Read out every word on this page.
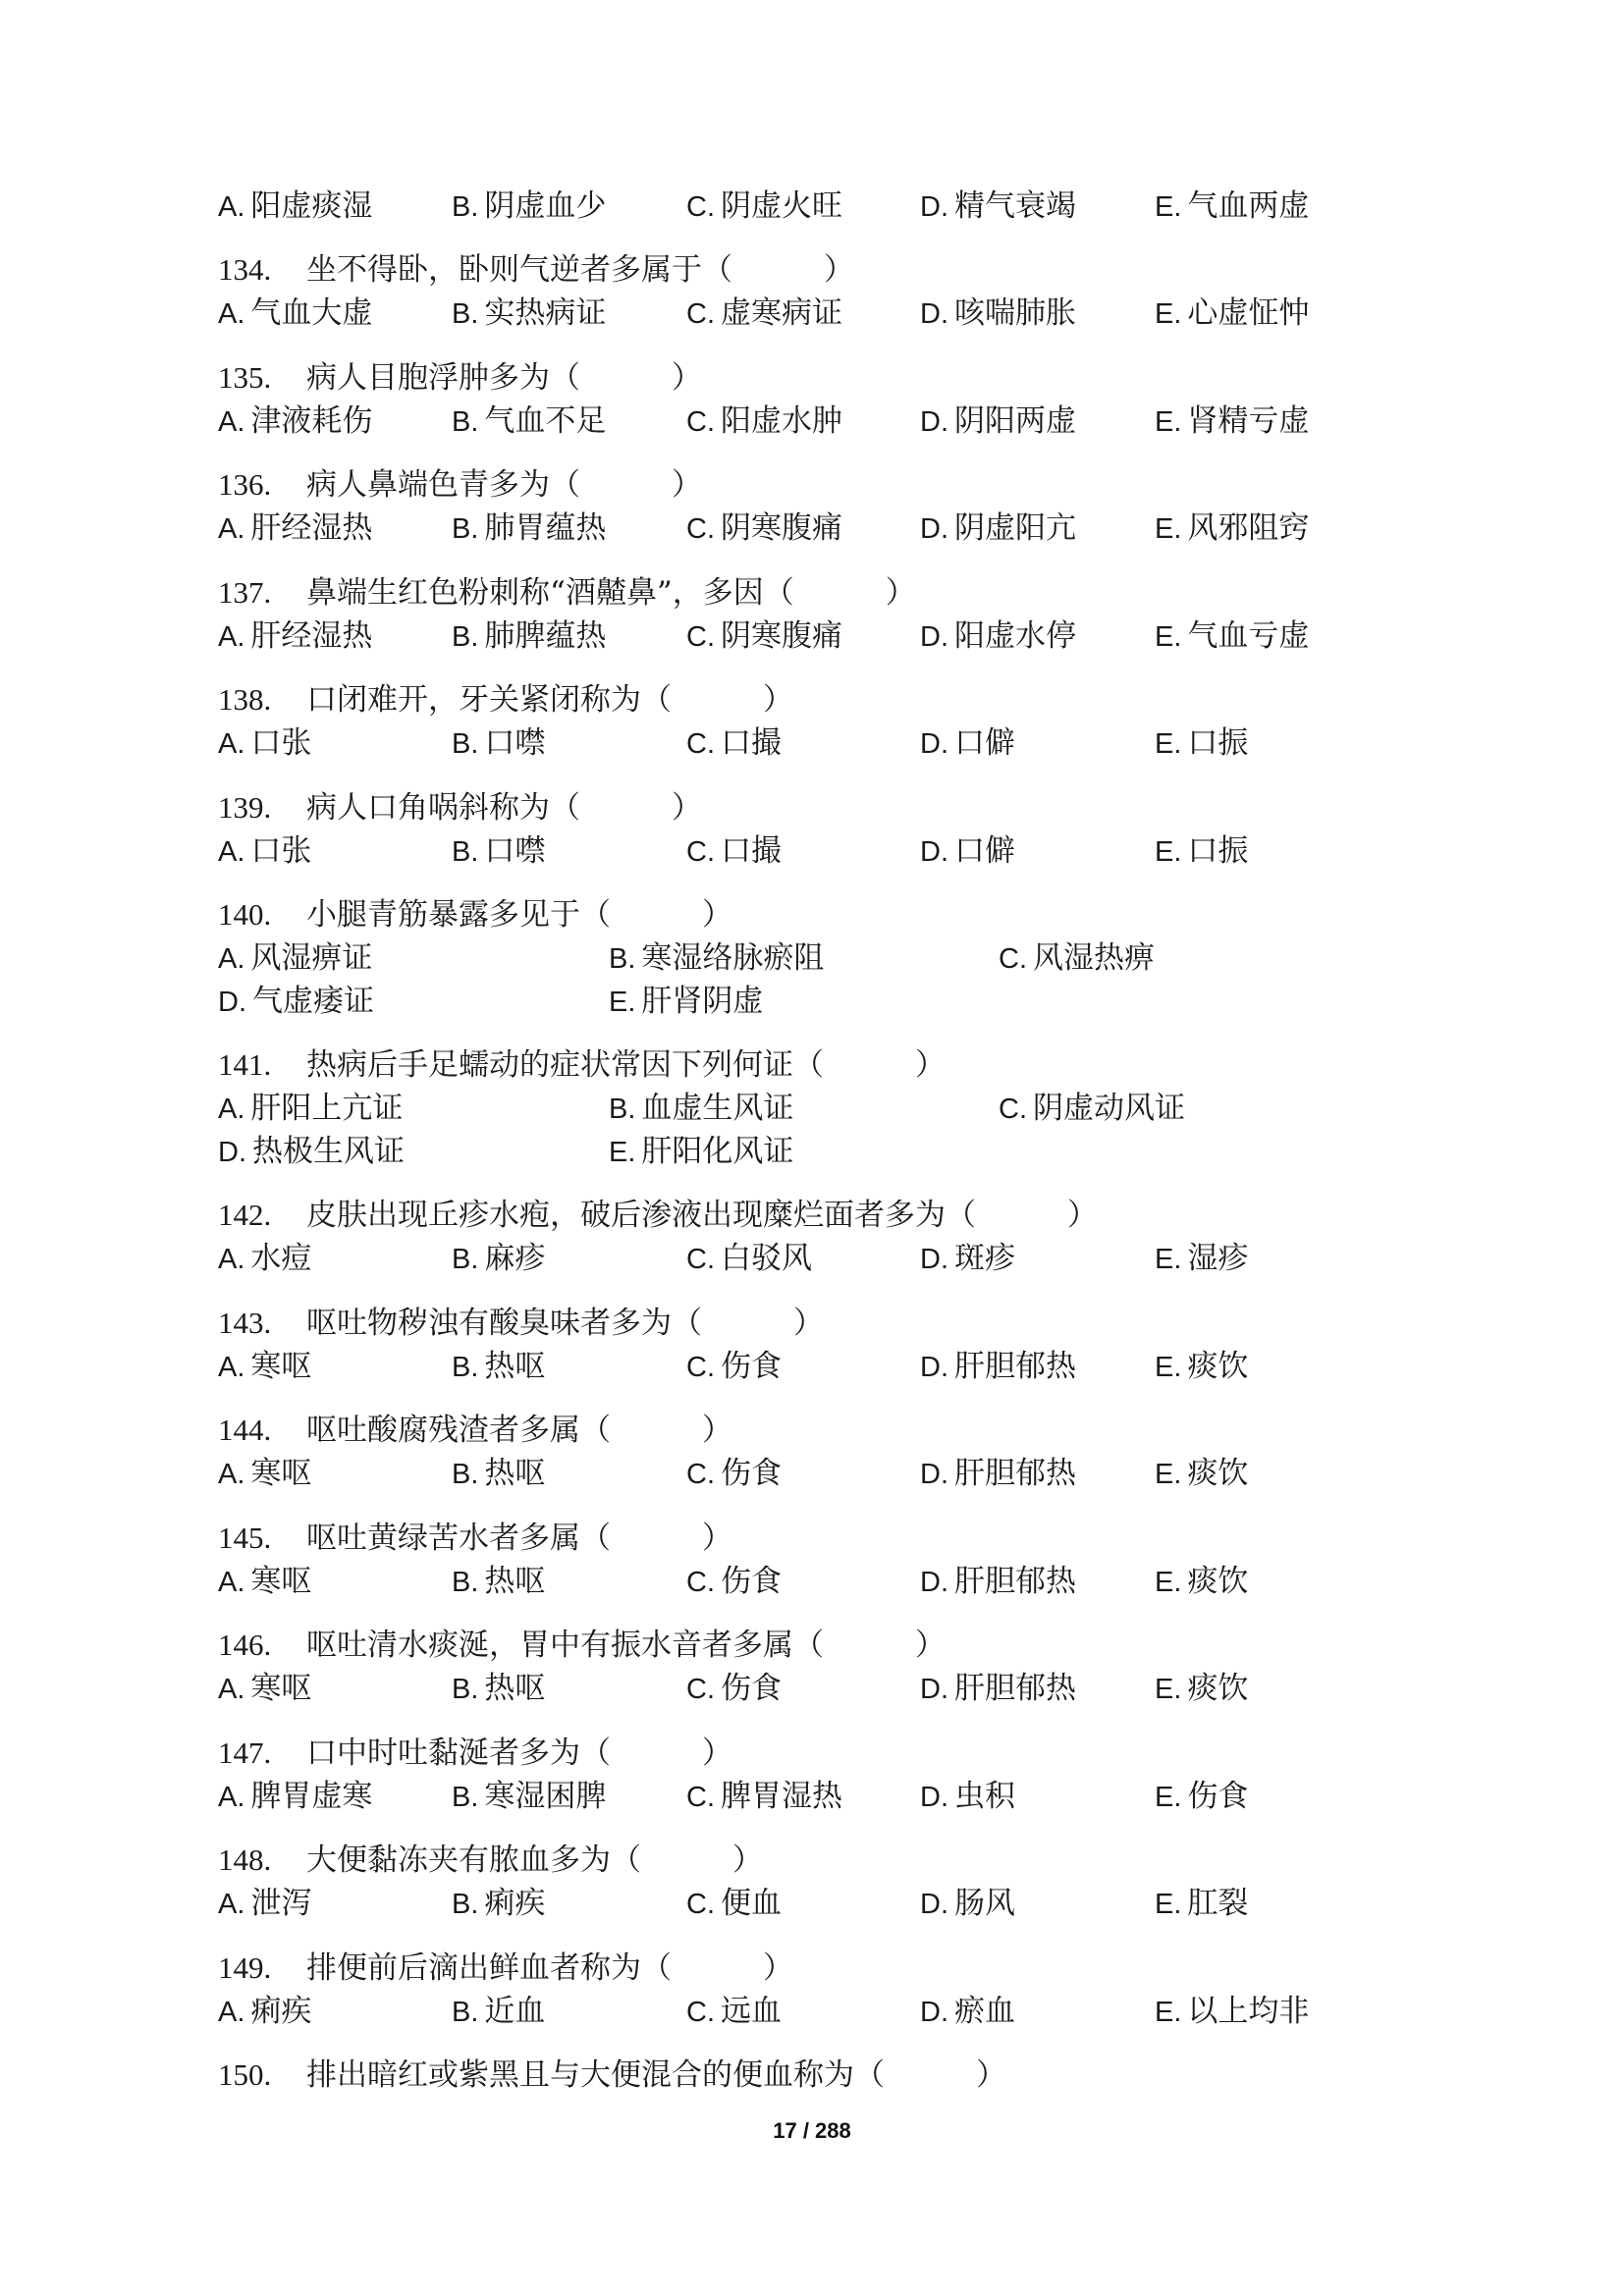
A. 阳虚痰湿	B. 阴虚血少	C. 阴虚火旺	D. 精气衰竭	E. 气血两虚
134. 坐不得卧，卧则气逆者多属于（　　　）
A. 气血大虚	B. 实热病证	C. 虚寒病证	D. 咳喘肺胀	E. 心虚怔忡
135. 病人目胞浮肿多为（　　　）
A. 津液耗伤	B. 气血不足	C. 阳虚水肿	D. 阴阳两虚	E. 肾精亏虚
136. 病人鼻端色青多为（　　　）
A. 肝经湿热	B. 肺胃蕴热	C. 阴寒腹痛	D. 阴虚阳亢	E. 风邪阻窍
137. 鼻端生红色粉刺称“酒齄鼻”，多因（　　　）
A. 肝经湿热	B. 肺脾蕴热	C. 阴寒腹痛	D. 阳虚水停	E. 气血亏虚
138. 口闭难开，牙关紧闭称为（　　　）
A. 口张	B. 口噤	C. 口撮	D. 口僻	E. 口振
139. 病人口角㖞斜称为（　　　）
A. 口张	B. 口噤	C. 口撮	D. 口僻	E. 口振
140. 小腿青筋暴露多见于（　　　）
A. 风湿痹证	B. 寒湿络脉瘀阻	C. 风湿热痹
D. 气虚痿证	E. 肝肾阴虚
141. 热病后手足蠕动的症状常因下列何证（　　　）
A. 肝阳上亢证	B. 血虚生风证	C. 阴虚动风证
D. 热极生风证	E. 肝阳化风证
142. 皮肤出现丘疹水疱，破后渗液出现糜烂面者多为（　　　）
A. 水痘	B. 麻疹	C. 白驳风	D. 斑疹	E. 湿疹
143. 呕吐物秽浊有酸臭味者多为（　　　）
A. 寒呕	B. 热呕	C. 伤食	D. 肝胆郁热	E. 痰饮
144. 呕吐酸腐残渣者多属（　　　）
A. 寒呕	B. 热呕	C. 伤食	D. 肝胆郁热	E. 痰饮
145. 呕吐黄绿苦水者多属（　　　）
A. 寒呕	B. 热呕	C. 伤食	D. 肝胆郁热	E. 痰饮
146. 呕吐清水痰涎，胃中有振水音者多属（　　　）
A. 寒呕	B. 热呕	C. 伤食	D. 肝胆郁热	E. 痰饮
147. 口中时吐黏涎者多为（　　　）
A. 脾胃虚寒	B. 寒湿困脾	C. 脾胃湿热	D. 虫积	E. 伤食
148. 大便黏冻夹有脓血多为（　　　）
A. 泄泻	B. 痢疾	C. 便血	D. 肠风	E. 肛裂
149. 排便前后滴出鲜血者称为（　　　）
A. 痢疾	B. 近血	C. 远血	D. 瘀血	E. 以上均非
150. 排出暗红或紫黑且与大便混合的便血称为（　　　）
17 / 288
